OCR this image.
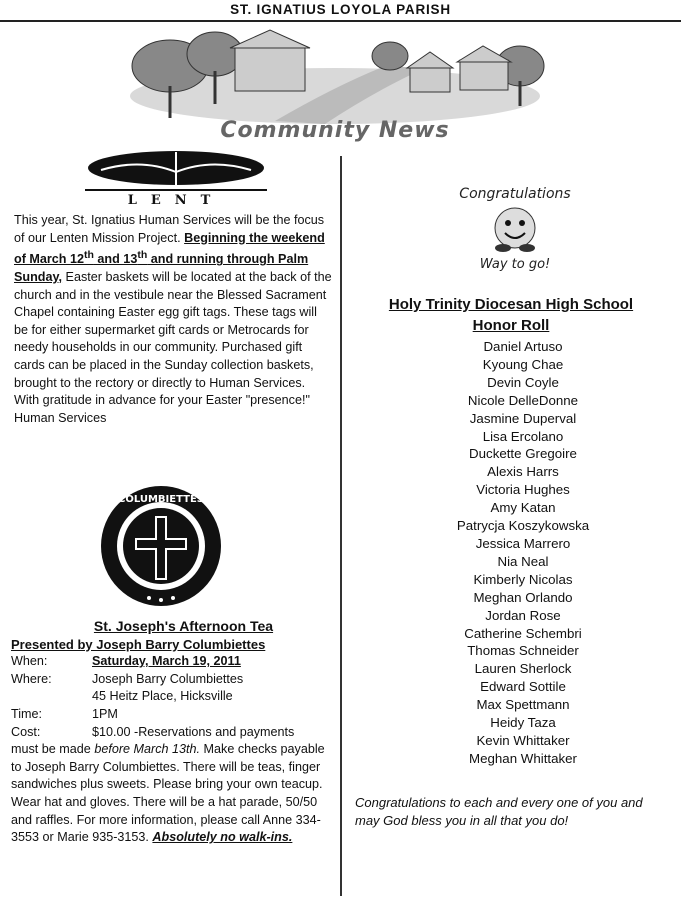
ST. IGNATIUS LOYOLA PARISH
Community News
LENT
This year, St. Ignatius Human Services will be the focus of our Lenten Mission Project. Beginning the weekend of March 12th and 13th and running through Palm Sunday, Easter baskets will be located at the back of the church and in the vestibule near the Blessed Sacrament Chapel containing Easter egg gift tags. These tags will be for either supermarket gift cards or Metrocards for needy households in our community. Purchased gift cards can be placed in the Sunday collection baskets, brought to the rectory or directly to Human Services. With gratitude in advance for your Easter "presence!" Human Services
COLUMBIETTES
St. Joseph's Afternoon Tea
Presented by Joseph Barry Columbiettes
When:	Saturday, March 19, 2011
Where:	Joseph Barry Columbiettes
45 Heitz Place, Hicksville
Time:	1PM
Cost:	$10.00 -Reservations and payments
must be made before March 13th. Make checks payable to Joseph Barry Columbiettes. There will be teas, finger sandwiches plus sweets. Please bring your own teacup. Wear hat and gloves. There will be a hat parade, 50/50 and raffles. For more information, please call Anne 334-3553 or Marie 935-3153. Absolutely no walk-ins.
Congratulations
Way to go!
Holy Trinity Diocesan High School
Honor Roll
Daniel Artuso
Kyoung Chae
Devin Coyle
Nicole DelleDonne
Jasmine Duperval
Lisa Ercolano
Duckette Gregoire
Alexis Harrs
Victoria Hughes
Amy Katan
Patrycja Koszykowska
Jessica Marrero
Nia Neal
Kimberly Nicolas
Meghan Orlando
Jordan Rose
Catherine Schembri
Thomas Schneider
Lauren Sherlock
Edward Sottile
Max Spettmann
Heidy Taza
Kevin Whittaker
Meghan Whittaker
Congratulations to each and every one of you and may God bless you in all that you do!
